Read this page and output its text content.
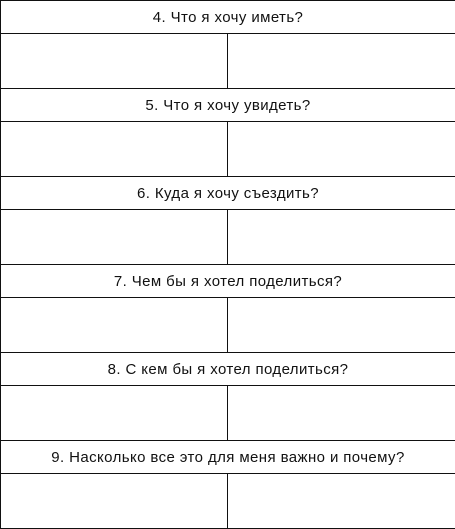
4. Что я хочу иметь?	

5. Что я хочу увидеть?	

6. Куда я хочу съездить?	

7. Чем бы я хотел поделиться?	

8. С кем бы я хотел поделиться?	

9. Насколько все это для меня важно и почему?	
